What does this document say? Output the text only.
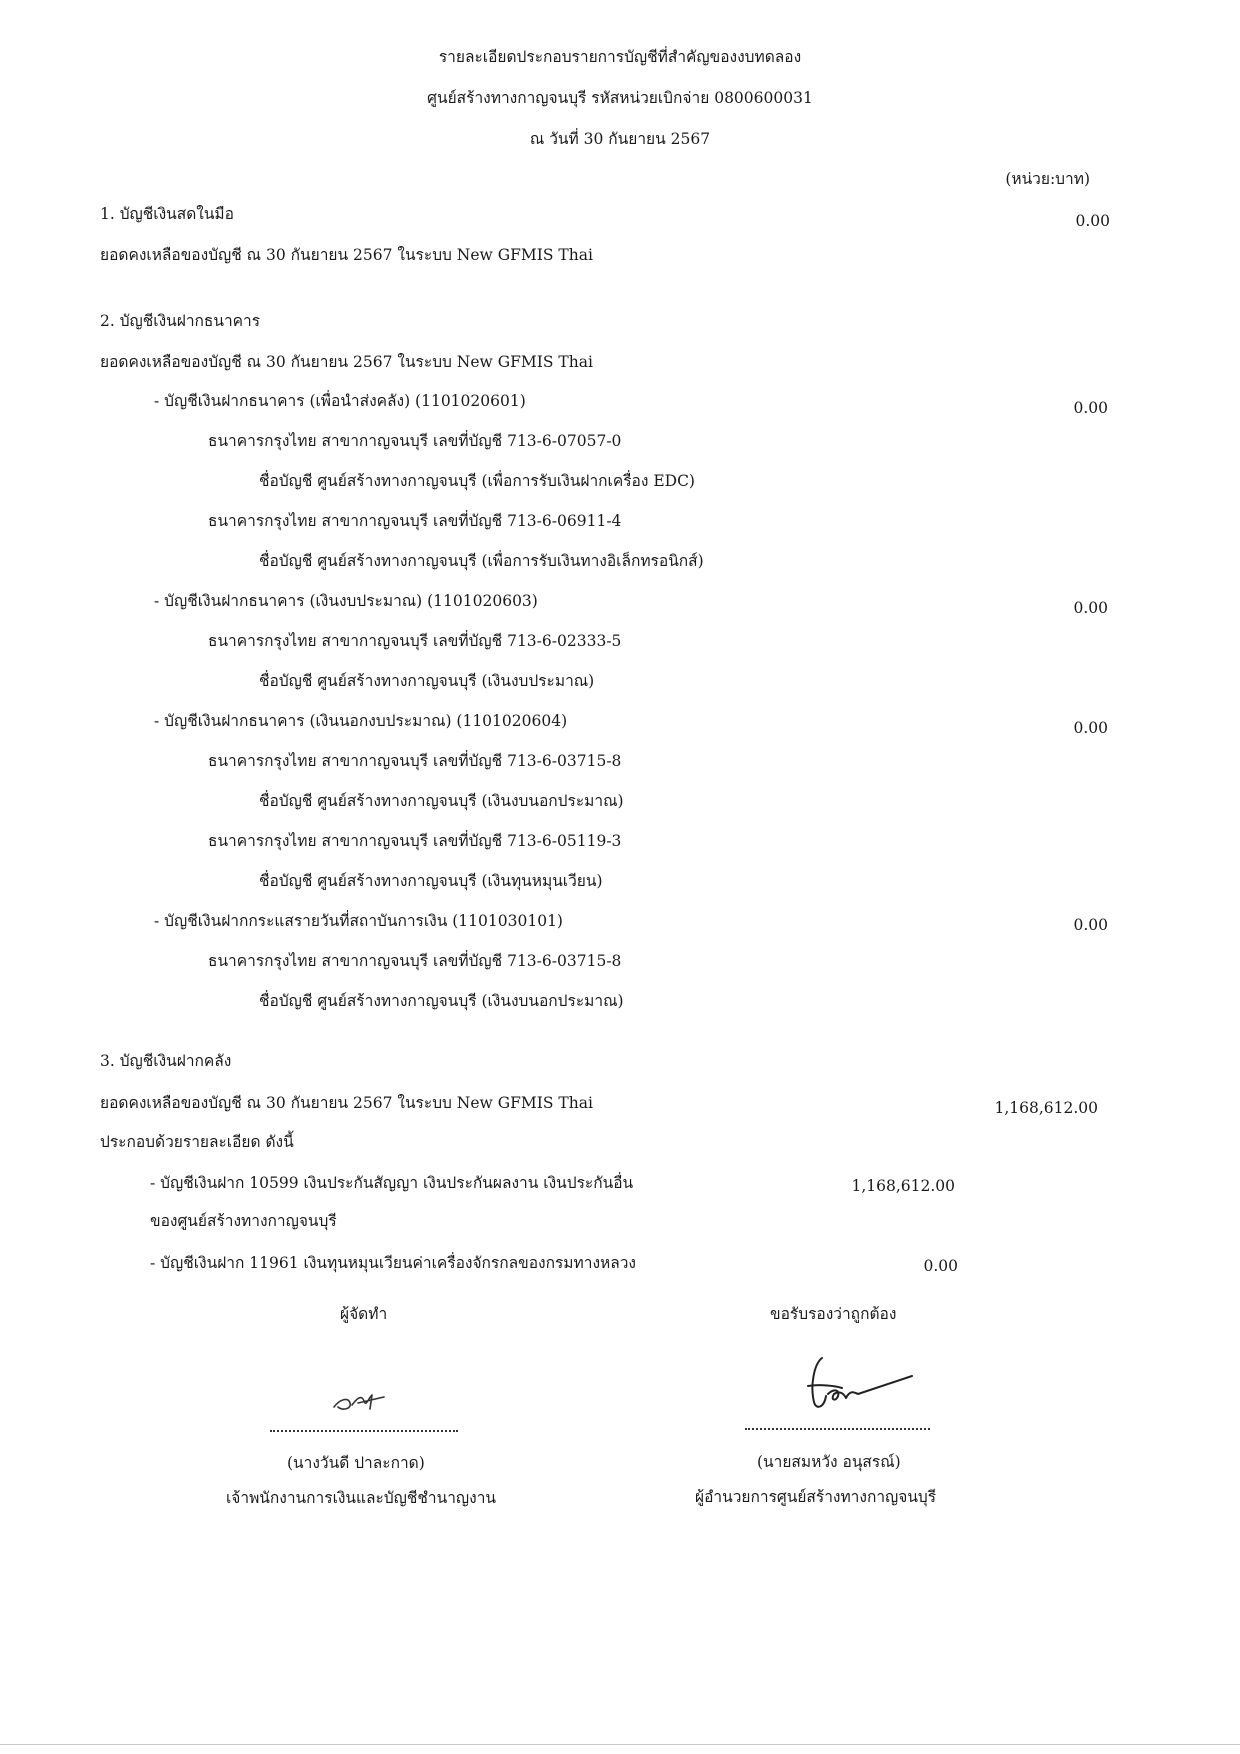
รายละเอียดประกอบรายการบัญชีที่สำคัญของงบทดลอง
ศูนย์สร้างทางกาญจนบุรี รหัสหน่วยเบิกจ่าย 0800600031
ณ วันที่ 30 กันยายน 2567
(หน่วย:บาท)
1. บัญชีเงินสดในมือ	0.00
ยอดคงเหลือของบัญชี ณ 30 กันยายน 2567 ในระบบ New GFMIS Thai
2. บัญชีเงินฝากธนาคาร
ยอดคงเหลือของบัญชี ณ 30 กันยายน 2567 ในระบบ New GFMIS Thai
- บัญชีเงินฝากธนาคาร (เพื่อนำส่งคลัง) (1101020601)	0.00
ธนาคารกรุงไทย สาขากาญจนบุรี เลขที่บัญชี 713-6-07057-0
ชื่อบัญชี ศูนย์สร้างทางกาญจนบุรี (เพื่อการรับเงินฝากเครื่อง EDC)
ธนาคารกรุงไทย สาขากาญจนบุรี เลขที่บัญชี 713-6-06911-4
ชื่อบัญชี ศูนย์สร้างทางกาญจนบุรี (เพื่อการรับเงินทางอิเล็กทรอนิกส์)
- บัญชีเงินฝากธนาคาร (เงินงบประมาณ) (1101020603)	0.00
ธนาคารกรุงไทย สาขากาญจนบุรี เลขที่บัญชี 713-6-02333-5
ชื่อบัญชี ศูนย์สร้างทางกาญจนบุรี (เงินงบประมาณ)
- บัญชีเงินฝากธนาคาร (เงินนอกงบประมาณ) (1101020604)	0.00
ธนาคารกรุงไทย สาขากาญจนบุรี เลขที่บัญชี 713-6-03715-8
ชื่อบัญชี ศูนย์สร้างทางกาญจนบุรี (เงินงบนอกประมาณ)
ธนาคารกรุงไทย สาขากาญจนบุรี เลขที่บัญชี 713-6-05119-3
ชื่อบัญชี ศูนย์สร้างทางกาญจนบุรี (เงินทุนหมุนเวียน)
- บัญชีเงินฝากกระแสรายวันที่สถาบันการเงิน (1101030101)	0.00
ธนาคารกรุงไทย สาขากาญจนบุรี เลขที่บัญชี 713-6-03715-8
ชื่อบัญชี ศูนย์สร้างทางกาญจนบุรี (เงินงบนอกประมาณ)
3. บัญชีเงินฝากคลัง
ยอดคงเหลือของบัญชี ณ 30 กันยายน 2567 ในระบบ New GFMIS Thai	1,168,612.00
ประกอบด้วยรายละเอียด ดังนี้
- บัญชีเงินฝาก 10599 เงินประกันสัญญา เงินประกันผลงาน เงินประกันอื่น	1,168,612.00
ของศูนย์สร้างทางกาญจนบุรี
- บัญชีเงินฝาก 11961 เงินทุนหมุนเวียนค่าเครื่องจักรกลของกรมทางหลวง	0.00
ผู้จัดทำ
(นางวันดี ปาละกาด)
เจ้าพนักงานการเงินและบัญชีชำนาญงาน
ขอรับรองว่าถูกต้อง
(นายสมหวัง อนุสรณ์)
ผู้อำนวยการศูนย์สร้างทางกาญจนบุรี
